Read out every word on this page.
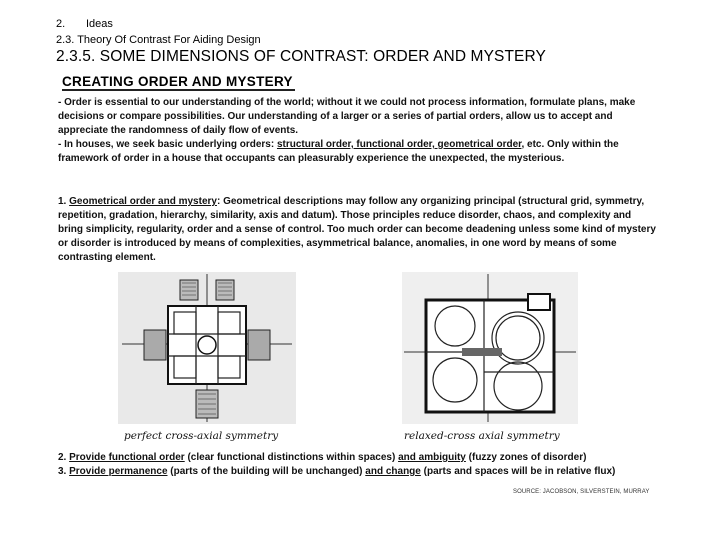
2. Ideas
2.3. Theory Of Contrast For Aiding Design
2.3.5. SOME DIMENSIONS OF CONTRAST: ORDER AND MYSTERY
CREATING ORDER AND MYSTERY

- Order is essential to our understanding of the world; without it we could not process information, formulate plans, make decisions or compare possibilities. Our understanding of a larger or a series of partial orders, allow us to accept and appreciate the randomness of daily flow of events.

- In houses, we seek basic underlying orders: structural order, functional order, geometrical order, etc. Only within the framework of order in a house that occupants can pleasurably experience the unexpected, the mysterious.

1. Geometrical order and mystery: Geometrical descriptions may follow any organizing principal (structural grid, symmetry, repetition, gradation, hierarchy, similarity, axis and datum). Those principles reduce disorder, chaos, and complexity and bring simplicity, regularity, order and a sense of control. Too much order can become deadening unless some kind of mystery or disorder is introduced by means of complexities, asymmetrical balance, anomalies, in one word by means of some contrasting element.

perfect cross-axial symmetry	relaxed-cross axial symmetry

2. Provide functional order (clear functional distinctions within spaces) and ambiguity (fuzzy zones of disorder)

3. Provide permanence (parts of the building will be unchanged) and change (parts and spaces will be in relative flux)

SOURCE: JACOBSON, SILVERSTEIN, MURRAY
